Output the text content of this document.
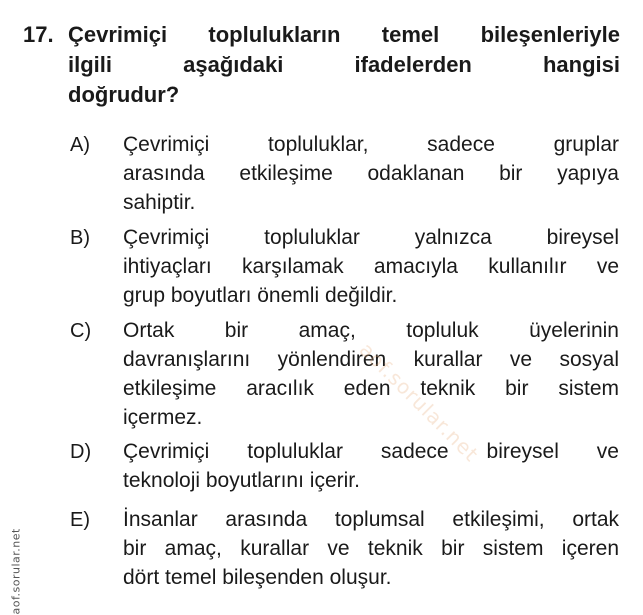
17. Çevrimiçi toplulukların temel bileşenleriyle
ilgili aşağıdaki ifadelerden hangisi
doğrudur?
A) Çevrimiçi topluluklar, sadece gruplar
arasında etkileşime odaklanan bir yapıya
sahiptir.
B) Çevrimiçi topluluklar yalnızca bireysel
ihtiyaçları karşılamak amacıyla kullanılır ve
grup boyutları önemli değildir.
C) Ortak bir amaç, topluluk üyelerinin
davranışlarını yönlendiren kurallar ve sosyal
etkileşime aracılık eden teknik bir sistem
içermez.
D) Çevrimiçi topluluklar sadece bireysel ve
teknoloji boyutlarını içerir.
E) İnsanlar arasında toplumsal etkileşimi, ortak
bir amaç, kurallar ve teknik bir sistem içeren
dört temel bileşenden oluşur.
aof.sorular.net
aof.sorular.net
